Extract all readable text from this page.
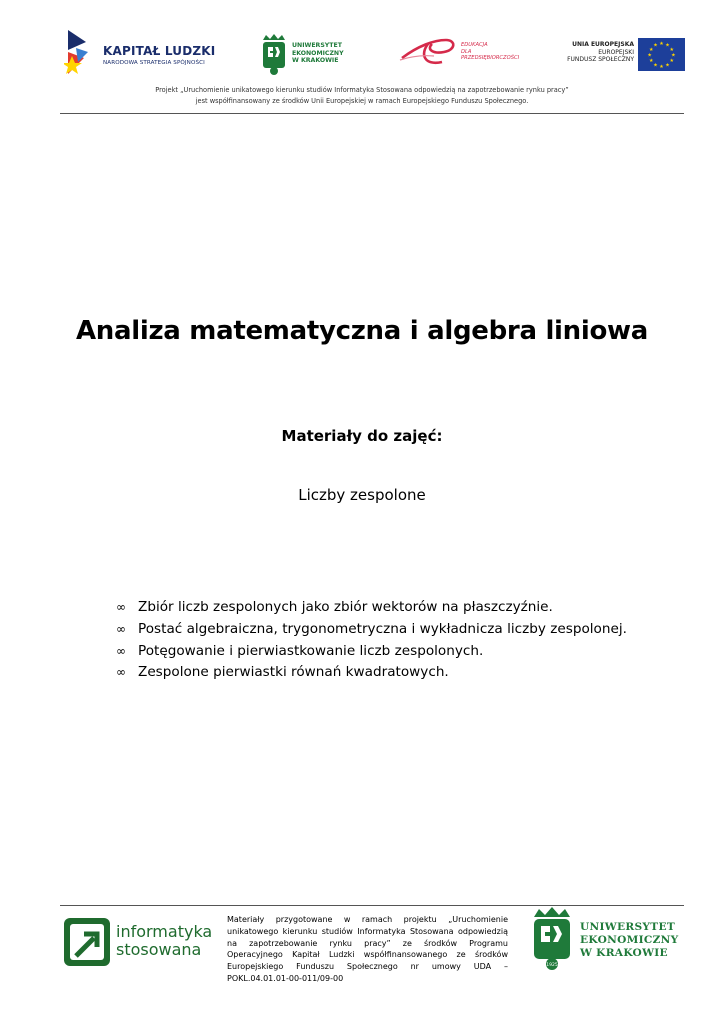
KAPITAŁ LUDZKI
NARODOWA STRATEGIA SPÓJNOŚCI
UNIWERSYTET
EKONOMICZNY
W KRAKOWIE
EDUKACJA
DLA
PRZEDSIĘBIORCZOŚCI
UNIA EUROPEJSKA
EUROPEJSKI
FUNDUSZ SPOŁECZNY
★ ★
★
★
★
★
★
★
★
★
★
★
Projekt „Uruchomienie unikatowego kierunku studiów Informatyka Stosowana odpowiedzią na zapotrzebowanie rynku pracy”
jest współfinansowany ze środków Unii Europejskiej w ramach Europejskiego Funduszu Społecznego.
Analiza matematyczna i algebra liniowa
Materiały do zajęć:
Liczby zespolone
∞ Zbiór liczb zespolonych jako zbiór wektorów na płaszczyźnie.
∞ Postać algebraiczna, trygonometryczna i wykładnicza liczby zespolonej.
∞ Potęgowanie i pierwiastkowanie liczb zespolonych.
∞ Zespolone pierwiastki równań kwadratowych.
informatyka
stosowana
Materiały przygotowane w ramach projektu „Uruchomienie unikatowego kierunku studiów Informatyka Stosowana odpowiedzią na zapotrzebowanie rynku pracy” ze środków Programu Operacyjnego Kapitał Ludzki współfinansowanego ze środków Europejskiego Funduszu Społecznego nr umowy UDA – POKL.04.01.01-00-011/09-00
1925
UNIWERSYTET
EKONOMICZNY
W KRAKOWIE
